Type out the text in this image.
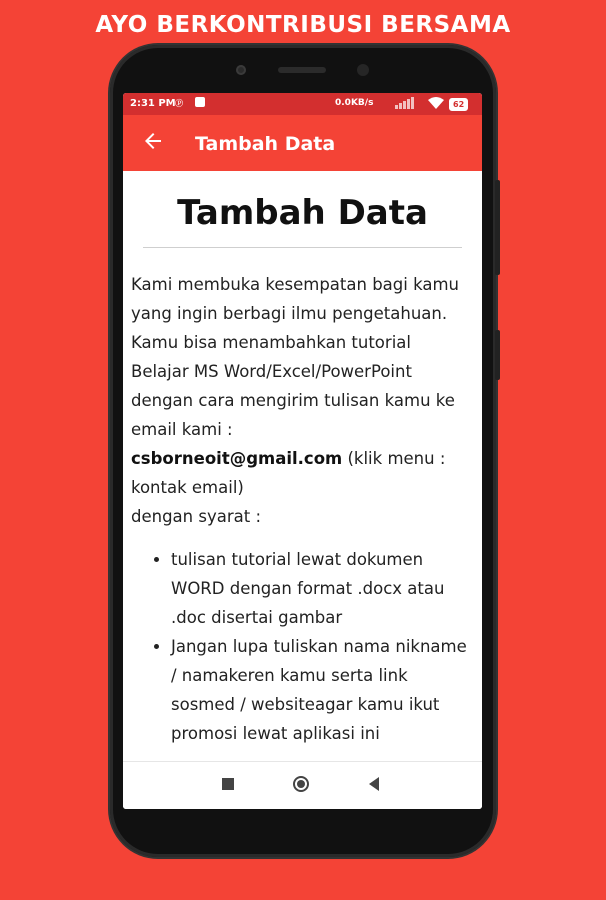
AYO BERKONTRIBUSI BERSAMA
2:31 PM Ⓟ	0.0KB/s	62
Tambah Data
Tambah Data
Kami membuka kesempatan bagi kamu yang ingin berbagi ilmu pengetahuan. Kamu bisa menambahkan tutorial Belajar MS Word/Excel/PowerPoint dengan cara mengirim tulisan kamu ke email kami :
csborneoit@gmail.com (klik menu : kontak email)
dengan syarat :
• tulisan tutorial lewat dokumen WORD dengan format .docx atau .doc disertai gambar
• Jangan lupa tuliskan nama nikname / namakeren kamu serta link sosmed / websiteagar kamu ikut promosi lewat aplikasi ini
